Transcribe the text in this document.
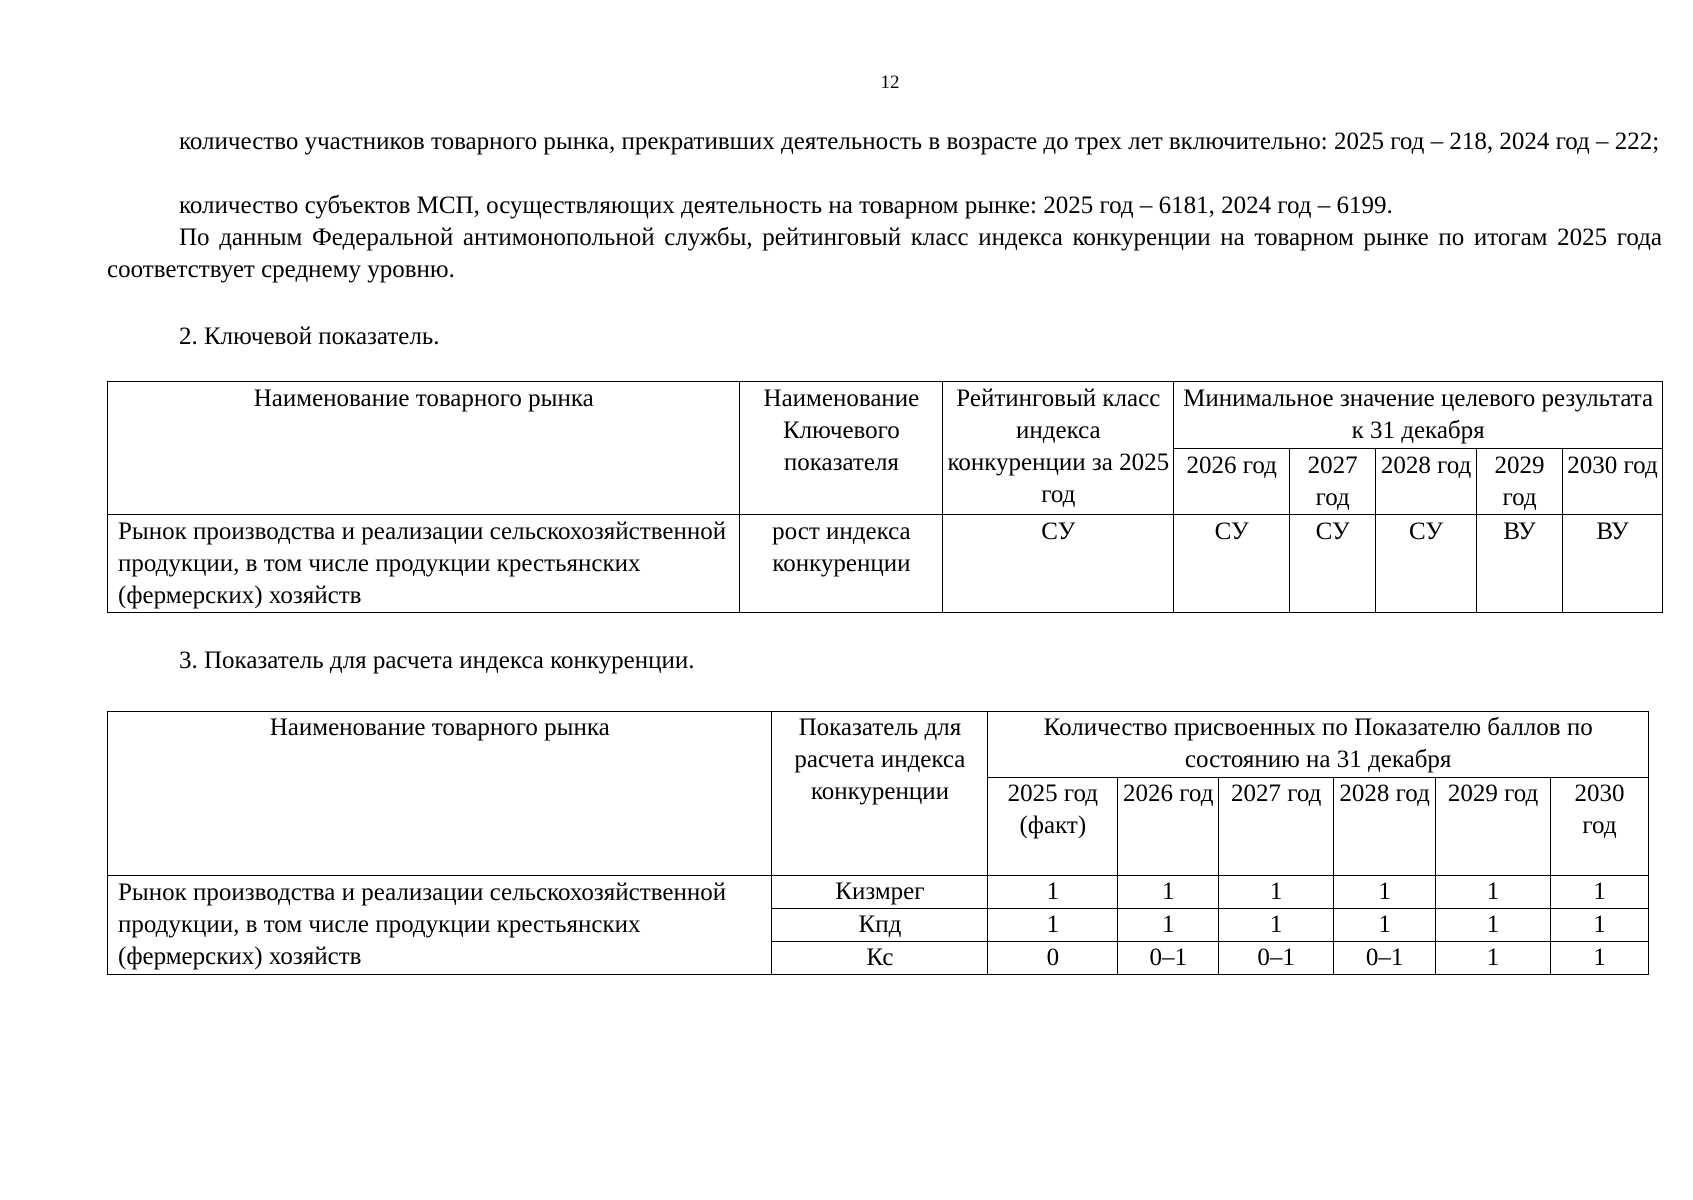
12
количество участников товарного рынка, прекративших деятельность в возрасте до трех лет включительно: 2025 год – 218, 2024 год – 222;
количество субъектов МСП, осуществляющих деятельность на товарном рынке: 2025 год – 6181, 2024 год – 6199.
По данным Федеральной антимонопольной службы, рейтинговый класс индекса конкуренции на товарном рынке по итогам 2025 года соответствует среднему уровню.
2. Ключевой показатель.
Наименование товарного рынка	Наименование Ключевого показателя	Рейтинговый класс индекса конкуренции за 2025 год	Минимальное значение целевого результата к 31 декабря				
			2026 год	2027 год	2028 год	2029 год	2030 год
Рынок производства и реализации сельскохозяйственной продукции, в том числе продукции крестьянских (фермерских) хозяйств	рост индекса конкуренции	СУ	СУ	СУ	СУ	ВУ	ВУ
3. Показатель для расчета индекса конкуренции.
Наименование товарного рынка	Показатель для расчета индекса конкуренции	Количество присвоенных по Показателю баллов по состоянию на 31 декабря					
		2025 год (факт)	2026 год	2027 год	2028 год	2029 год	2030 год
Рынок производства и реализации сельскохозяйственной продукции, в том числе продукции крестьянских (фермерских) хозяйств	Кизмрег	1	1	1	1	1	1
	Кпд	1	1	1	1	1	1
	Кс	0	0–1	0–1	0–1	1	1
